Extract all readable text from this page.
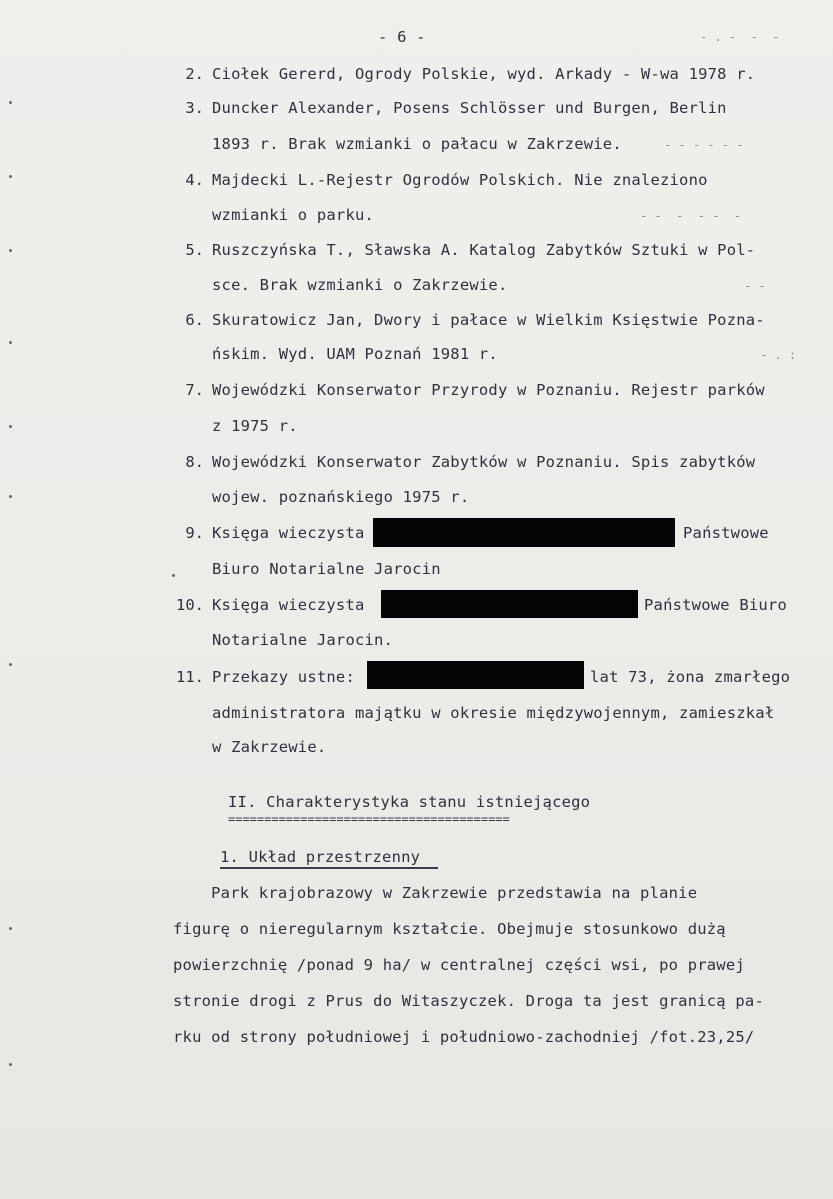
- 6 -	- . -  -  -
2. Ciołek Gererd, Ogrody Polskie, wyd. Arkady - W-wa 1978 r.
3. Duncker Alexander, Posens Schlösser und Burgen, Berlin
1893 r. Brak wzmianki o pałacu w Zakrzewie.	- - - - - -
4. Majdecki L.-Rejestr Ogrodów Polskich. Nie znaleziono
wzmianki o parku.	- -  -  - -  -
5. Ruszczyńska T., Sławska A. Katalog Zabytków Sztuki w Pol-
sce. Brak wzmianki o Zakrzewie.	- -
6. Skuratowicz Jan, Dwory i pałace w Wielkim Księstwie Pozna-
ńskim. Wyd. UAM Poznań 1981 r.	- . :
7. Wojewódzki Konserwator Przyrody w Poznaniu. Rejestr parków
z 1975 r.
8. Wojewódzki Konserwator Zabytków w Poznaniu. Spis zabytków
wojew. poznańskiego 1975 r.
9. Księga wieczysta	Państwowe
Biuro Notarialne Jarocin
10. Księga wieczysta	Państwowe Biuro
Notarialne Jarocin.
11. Przekazy ustne:	lat 73, żona zmarłego
administratora majątku w okresie międzywojennym, zamieszkał
w Zakrzewie.
II. Charakterystyka stanu istniejącego
=======================================
1. Układ przestrzenny
Park krajobrazowy w Zakrzewie przedstawia na planie
figurę o nieregularnym kształcie. Obejmuje stosunkowo dużą
powierzchnię /ponad 9 ha/ w centralnej części wsi, po prawej
stronie drogi z Prus do Witaszyczek. Droga ta jest granicą pa-
rku od strony południowej i południowo-zachodniej /fot.23,25/
